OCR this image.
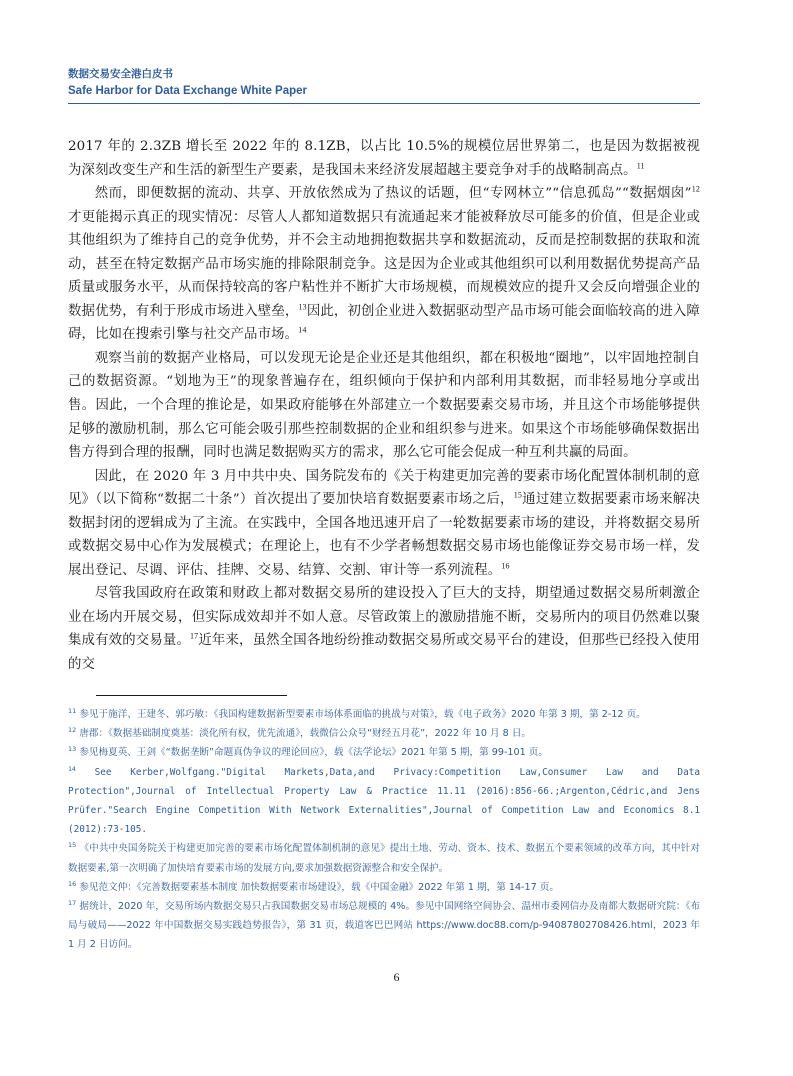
数据交易安全港白皮书
Safe Harbor for Data Exchange White Paper

2017 年的 2.3ZB 增长至 2022 年的 8.1ZB，以占比 10.5%的规模位居世界第二，也是因为数据被视为深刻改变生产和生活的新型生产要素，是我国未来经济发展超越主要竞争对手的战略制高点。$^{11}$

然而，即便数据的流动、共享、开放依然成为了热议的话题，但“专网林立”“信息孤岛”“数据烟囱”$^{12}$才更能揭示真正的现实情况：尽管人人都知道数据只有流通起来才能被释放尽可能多的价值，但是企业或其他组织为了维持自己的竞争优势，并不会主动地拥抱数据共享和数据流动，反而是控制数据的获取和流动，甚至在特定数据产品市场实施的排除限制竞争。这是因为企业或其他组织可以利用数据优势提高产品质量或服务水平，从而保持较高的客户粘性并不断扩大市场规模，而规模效应的提升又会反向增强企业的数据优势，有利于形成市场进入壁垒，$^{13}$因此，初创企业进入数据驱动型产品市场可能会面临较高的进入障碍，比如在搜索引擎与社交产品市场。$^{14}$

观察当前的数据产业格局，可以发现无论是企业还是其他组织，都在积极地“圈地”，以牢固地控制自己的数据资源。“划地为王”的现象普遍存在，组织倾向于保护和内部利用其数据，而非轻易地分享或出售。因此，一个合理的推论是，如果政府能够在外部建立一个数据要素交易市场，并且这个市场能够提供足够的激励机制，那么它可能会吸引那些控制数据的企业和组织参与进来。如果这个市场能够确保数据出售方得到合理的报酬，同时也满足数据购买方的需求，那么它可能会促成一种互利共赢的局面。

因此，在 2020 年 3 月中共中央、国务院发布的《关于构建更加完善的要素市场化配置体制机制的意见》（以下简称“数据二十条”）首次提出了要加快培育数据要素市场之后，$^{15}$通过建立数据要素市场来解决数据封闭的逻辑成为了主流。在实践中，全国各地迅速开启了一轮数据要素市场的建设，并将数据交易所或数据交易中心作为发展模式；在理论上，也有不少学者畅想数据交易市场也能像证券交易市场一样，发展出登记、尽调、评估、挂牌、交易、结算、交割、审计等一系列流程。$^{16}$

尽管我国政府在政策和财政上都对数据交易所的建设投入了巨大的支持，期望通过数据交易所刺激企业在场内开展交易，但实际成效却并不如人意。尽管政策上的激励措施不断，交易所内的项目仍然难以聚集成有效的交易量。$^{17}$近年来，虽然全国各地纷纷推动数据交易所或交易平台的建设，但那些已经投入使用的交

$^{11}$ 参见于施洋、王建冬、郭巧敏：《我国构建数据新型要素市场体系面临的挑战与对策》，载《电子政务》2020 年第 3 期，第 2-12 页。

$^{12}$ 唐郡：《数据基础制度奠基：淡化所有权，优先流通》，载微信公众号“财经五月花”，2022 年 10 月 8 日。

$^{13}$ 参见梅夏英、王剑《“数据垄断”命题真伪争议的理论回应》，载《法学论坛》2021 年第 5 期，第 99-101 页。

$^{14}$ See Kerber,Wolfgang."Digital Markets,Data,and Privacy:Competition Law,Consumer Law and Data Protection",Journal of Intellectual Property Law & Practice 11.11 (2016):856-66.;Argenton,Cédric,and Jens Prüfer."Search Engine Competition With Network Externalities",Journal of Competition Law and Economics 8.1 (2012):73-105.

$^{15}$ 《中共中央国务院关于构建更加完善的要素市场化配置体制机制的意见》提出土地、劳动、资本、技术、数据五个要素领域的改革方向，其中针对数据要素,第一次明确了加快培育要素市场的发展方向,要求加强数据资源整合和安全保护。

$^{16}$ 参见范文仲：《完善数据要素基本制度 加快数据要素市场建设》，载《中国金融》2022 年第 1 期，第 14-17 页。

$^{17}$ 据统计，2020 年，交易所场内数据交易只占我国数据交易市场总规模的 4%。参见中国网络空间协会、温州市委网信办及南都大数据研究院：《布局与破局——2022 年中国数据交易实践趋势报告》，第 31 页，载道客巴巴网站 https://www.doc88.com/p-94087802708426.html，2023 年 1 月 2 日访问。

6
